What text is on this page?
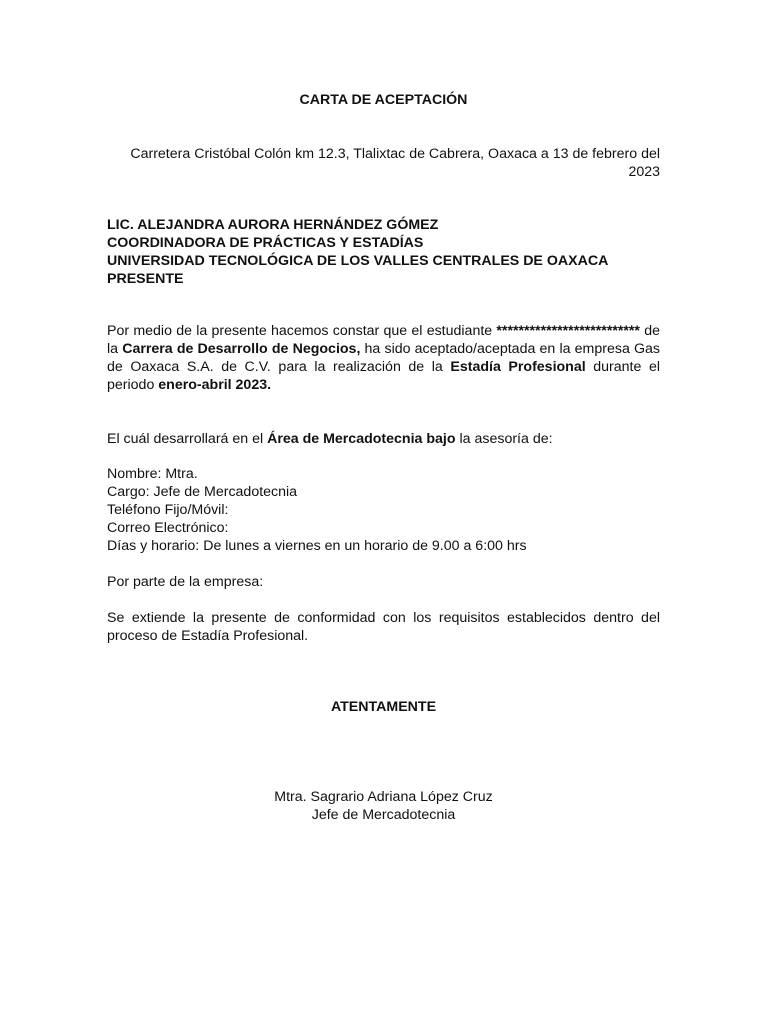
CARTA DE ACEPTACIÓN
Carretera Cristóbal Colón km 12.3, Tlalixtac de Cabrera, Oaxaca a 13 de febrero del 2023
LIC. ALEJANDRA AURORA HERNÁNDEZ GÓMEZ
COORDINADORA DE PRÁCTICAS Y ESTADÍAS
UNIVERSIDAD TECNOLÓGICA DE LOS VALLES CENTRALES DE OAXACA
PRESENTE
Por medio de la presente hacemos constar que el estudiante ************************** de la Carrera de Desarrollo de Negocios, ha sido aceptado/aceptada en la empresa Gas de Oaxaca S.A. de C.V. para la realización de la Estadía Profesional durante el periodo enero-abril 2023.
El cuál desarrollará en el Área de Mercadotecnia bajo la asesoría de:
Nombre: Mtra.
Cargo: Jefe de Mercadotecnia
Teléfono Fijo/Móvil:
Correo Electrónico:
Días y horario: De lunes a viernes en un horario de 9.00 a 6:00 hrs
Por parte de la empresa:
Se extiende la presente de conformidad con los requisitos establecidos dentro del proceso de Estadía Profesional.
ATENTAMENTE
Mtra. Sagrario Adriana López Cruz
Jefe de Mercadotecnia
